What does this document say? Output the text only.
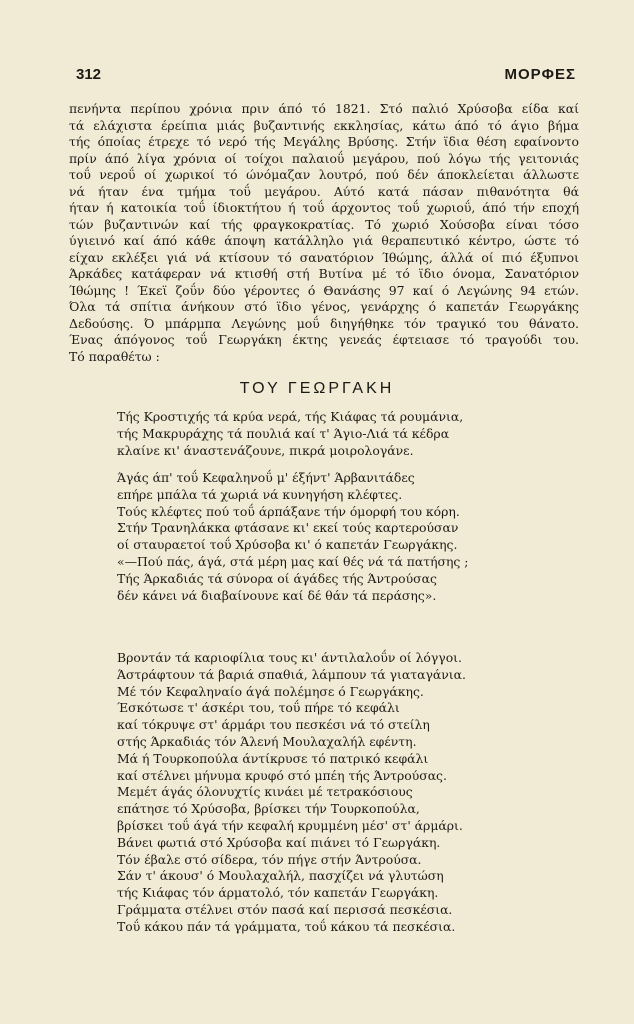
312	ΜΟΡΦΕΣ
πενήντα περίπου χρόνια πριν άπό τό 1821. Στό παλιό Χρύσοβα είδα καί
τά ελάχιστα έρείπια μιάς βυζαντινής εκκλησίας, κάτω άπό τό άγιο βήμα
τής όποίας έτρεχε τό νερό τής Μεγάλης Βρύσης. Στήν ϊδια θέση εφαίνοντο
πρίν άπό λίγα χρόνια οί τοίχοι παλαιοΰ μεγάρου, πού λόγω τής γειτονιάς
τοΰ νεροΰ οί χωρικοί τό ώνόμαζαν λουτρό, πού δέν άποκλείεται άλλωστε
νά ήταν ένα τμήμα τοΰ μεγάρου. Αύτό κατά πάσαν πιθανότητα θά
ήταν ή κατοικία τοΰ ίδιοκτήτου ή τοΰ άρχοντος τοΰ χωριοΰ, άπό τήν εποχή
τών βυζαντινών καί τής φραγκοκρατίας. Τό χωριό Χούσοβα είναι τόσο
ύγιεινό καί άπό κάθε άποψη κατάλληλο γιά θεραπευτικό κέντρο, ώστε τό
είχαν εκλέξει γιά νά κτίσουν τό σανατόριον Ίθώμης, άλλά οί πιό έξυπνοι
Άρκάδες κατάφεραν νά κτισθή στή Βυτίνα μέ τό ϊδιο όνομα, Σανατόριον
Ίθώμης ! Έκεϊ ζοΰν δύο γέροντες ό Θανάσης 97 καί ό Λεγώνης 94 ετών.
Όλα τά σπίτια άνήκουν στό ϊδιο γένος, γενάρχης ό καπετάν Γεωργάκης
Δεδούσης. Ό μπάρμπα Λεγώνης μοΰ διηγήθηκε τόν τραγικό του θάνατο.
Ένας άπόγονος τοΰ Γεωργάκη έκτης γενεάς έφτειασε τό τραγούδι του.
Τό παραθέτω :
ΤΟΥ ΓΕΩΡΓΑΚΗ
Τής Κροστιχής τά κρύα νερά, τής Κιάφας τά ρουμάνια,
τής Μακρυράχης τά πουλιά καί τ' Άγιο-Λιά τά κέδρα
κλαίνε κι' άναστενάζουνε, πικρά μοιρολογάνε.
Άγάς άπ' τοΰ Κεφαληνοΰ μ' έξήντ' Άρβανιτάδες
επήρε μπάλα τά χωριά νά κυνηγήση κλέφτες.
Τούς κλέφτες πού τοΰ άρπάξανε τήν όμορφή του κόρη.
Στήν Τρανηλάκκα φτάσανε κι' εκεί τούς καρτερούσαν
οί σταυραετοί τοΰ Χρύσοβα κι' ό καπετάν Γεωργάκης.
«—Πού πάς, άγά, στά μέρη μας καί θές νά τά πατήσης ;
Τής Άρκαδιάς τά σύνορα οί άγάδες τής Άντρούσας
δέν κάνει νά διαβαίνουνε καί δέ θάν τά περάσης».
Βροντάν τά καριοφίλια τους κι' άντιλαλοΰν οί λόγγοι.
Άστράφτουν τά βαριά σπαθιά, λάμπουν τά γιαταγάνια.
Μέ τόν Κεφαληναίο άγά πολέμησε ό Γεωργάκης.
Έσκότωσε τ' άσκέρι του, τοΰ πήρε τό κεφάλι
καί τόκρυψε στ' άρμάρι του πεσκέσι νά τό στείλη
στής Άρκαδιάς τόν Άλενή Μουλαχαλήλ εφέντη.
Μά ή Τουρκοπούλα άντίκρυσε τό πατρικό κεφάλι
καί στέλνει μήνυμα κρυφό στό μπέη τής Άντρούσας.
Μεμέτ άγάς όλονυχτίς κινάει μέ τετρακόσιους
επάτησε τό Χρύσοβα, βρίσκει τήν Τουρκοπούλα,
βρίσκει τοΰ άγά τήν κεφαλή κρυμμένη μέσ' στ' άρμάρι.
Βάνει φωτιά στό Χρύσοβα καί πιάνει τό Γεωργάκη.
Τόν έβαλε στό σίδερα, τόν πήγε στήν Άντρούσα.
Σάν τ' άκουσ' ό Μουλαχαλήλ, πασχίζει νά γλυτώση
τής Κιάφας τόν άρματολό, τόν καπετάν Γεωργάκη.
Γράμματα στέλνει στόν πασά καί περισσά πεσκέσια.
Τοΰ κάκου πάν τά γράμματα, τοΰ κάκου τά πεσκέσια.
